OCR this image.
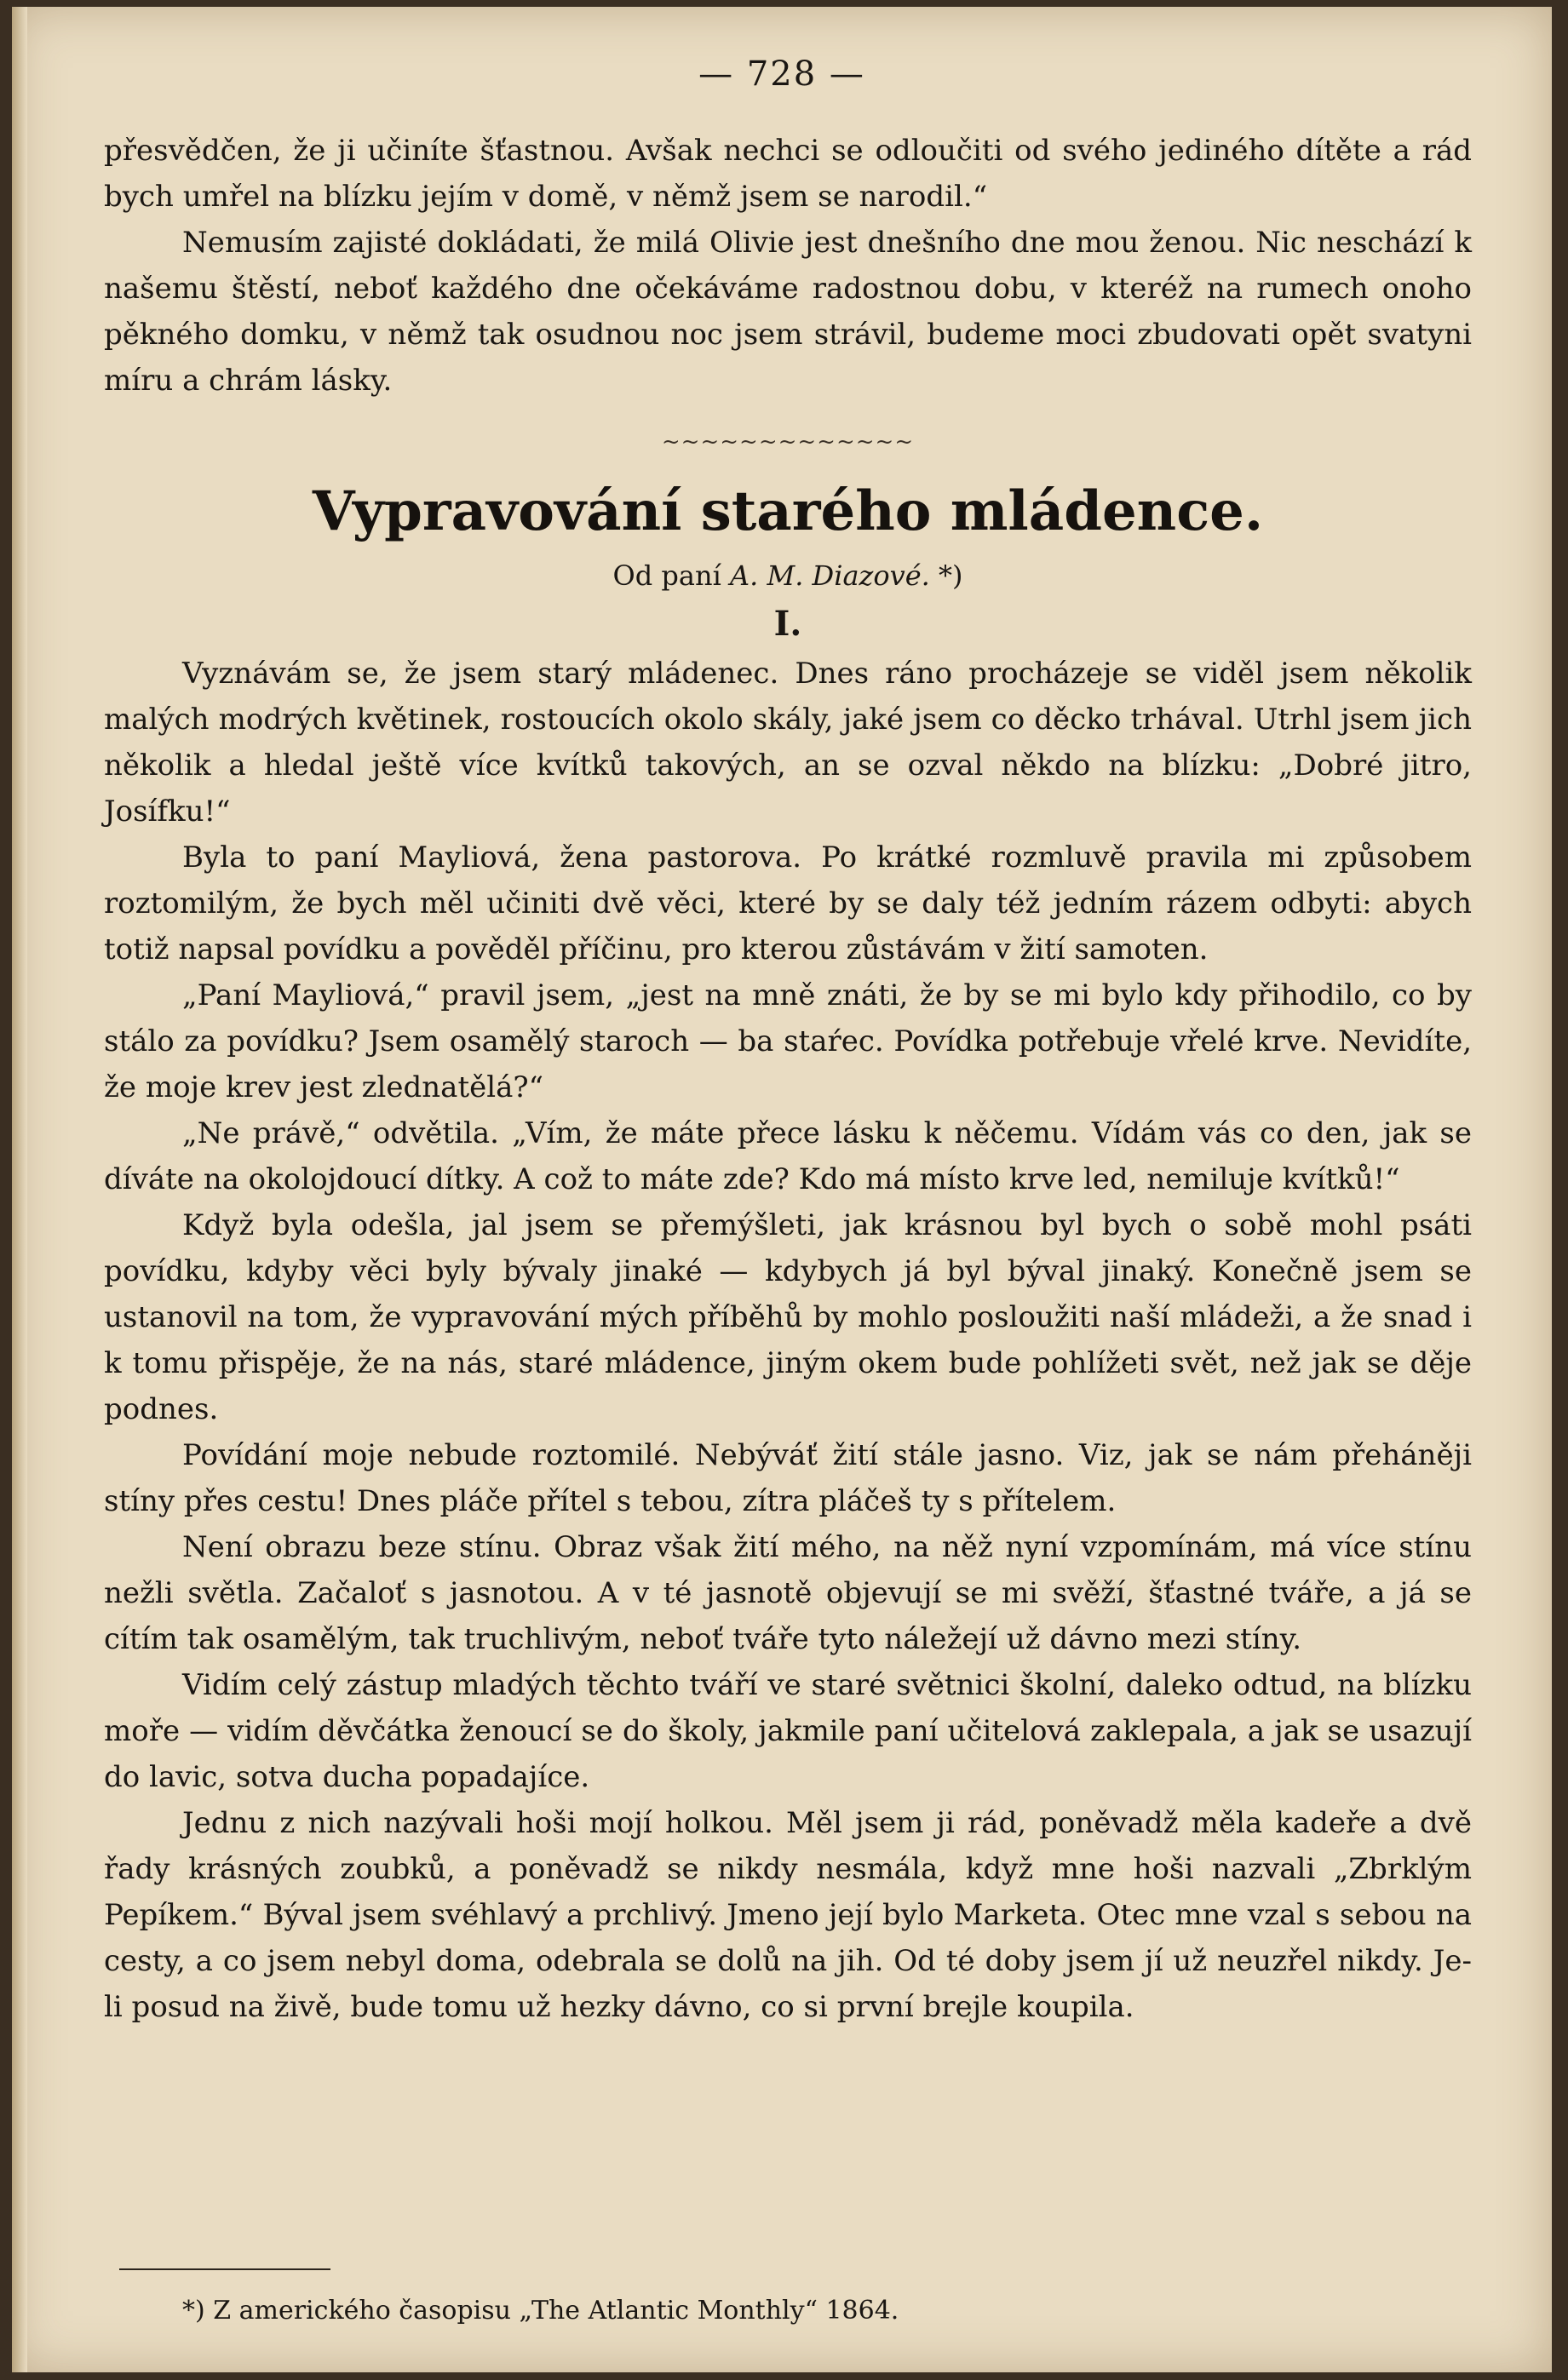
— 728 —

přesvědčen, že ji učiníte šťastnou. Avšak nechci se odloučiti od svého jediného dítěte a rád bych umřel na blízku jejím v domě, v němž jsem se narodil.“

Nemusím zajisté dokládati, že milá Olivie jest dnešního dne mou ženou. Nic neschází k našemu štěstí, neboť každého dne očekáváme radostnou dobu, v kteréž na rumech onoho pěkného domku, v němž tak osudnou noc jsem strávil, budeme moci zbudovati opět svatyni míru a chrám lásky.

~~~~~~~~~~~~~
Vypravování starého mládence.
Od paní A. M. Diazové. *)
I.

Vyznávám se, že jsem starý mládenec. Dnes ráno procházeje se viděl jsem několik malých modrých květinek, rostoucích okolo skály, jaké jsem co děcko trhával. Utrhl jsem jich několik a hledal ještě více kvítků takových, an se ozval někdo na blízku: „Dobré jitro, Josífku!“

Byla to paní Mayliová, žena pastorova. Po krátké rozmluvě pravila mi způsobem roztomilým, že bych měl učiniti dvě věci, které by se daly též jedním rázem odbyti: abych totiž napsal povídku a pověděl příčinu, pro kterou zůstávám v žití samoten.

„Paní Mayliová,“ pravil jsem, „jest na mně znáti, že by se mi bylo kdy přihodilo, co by stálo za povídku? Jsem osamělý staroch — ba staŕec. Povídka potřebuje vřelé krve. Nevidíte, že moje krev jest zlednatělá?“

„Ne právě,“ odvětila. „Vím, že máte přece lásku k něčemu. Vídám vás co den, jak se díváte na okolojdoucí dítky. A což to máte zde? Kdo má místo krve led, nemiluje kvítků!“

Když byla odešla, jal jsem se přemýšleti, jak krásnou byl bych o sobě mohl psáti povídku, kdyby věci byly bývaly jinaké — kdybych já byl býval jinaký. Konečně jsem se ustanovil na tom, že vypravování mých příběhů by mohlo posloužiti naší mládeži, a že snad i k tomu přispěje, že na nás, staré mládence, jiným okem bude pohlížeti svět, než jak se děje podnes.

Povídání moje nebude roztomilé. Nebýváť žití stále jasno. Viz, jak se nám přeháněji stíny přes cestu! Dnes pláče přítel s tebou, zítra pláčeš ty s přítelem.

Není obrazu beze stínu. Obraz však žití mého, na něž nyní vzpomínám, má více stínu nežli světla. Začaloť s jasnotou. A v té jasnotě objevují se mi svěží, šťastné tváře, a já se cítím tak osamělým, tak truchlivým, neboť tváře tyto náležejí už dávno mezi stíny.

Vidím celý zástup mladých těchto tváří ve staré světnici školní, daleko odtud, na blízku moře — vidím děvčátka ženoucí se do školy, jakmile paní učitelová zaklepala, a jak se usazují do lavic, sotva ducha popadajíce.

Jednu z nich nazývali hoši mojí holkou. Měl jsem ji rád, poněvadž měla kadeře a dvě řady krásných zoubků, a poněvadž se nikdy nesmála, když mne hoši nazvali „Zbrklým Pepíkem.“ Býval jsem svéhlavý a prchlivý. Jmeno její bylo Marketa. Otec mne vzal s sebou na cesty, a co jsem nebyl doma, odebrala se dolů na jih. Od té doby jsem jí už neuzřel nikdy. Je-li posud na živě, bude tomu už hezky dávno, co si první brejle koupila.

*) Z amerického časopisu „The Atlantic Monthly“ 1864.
